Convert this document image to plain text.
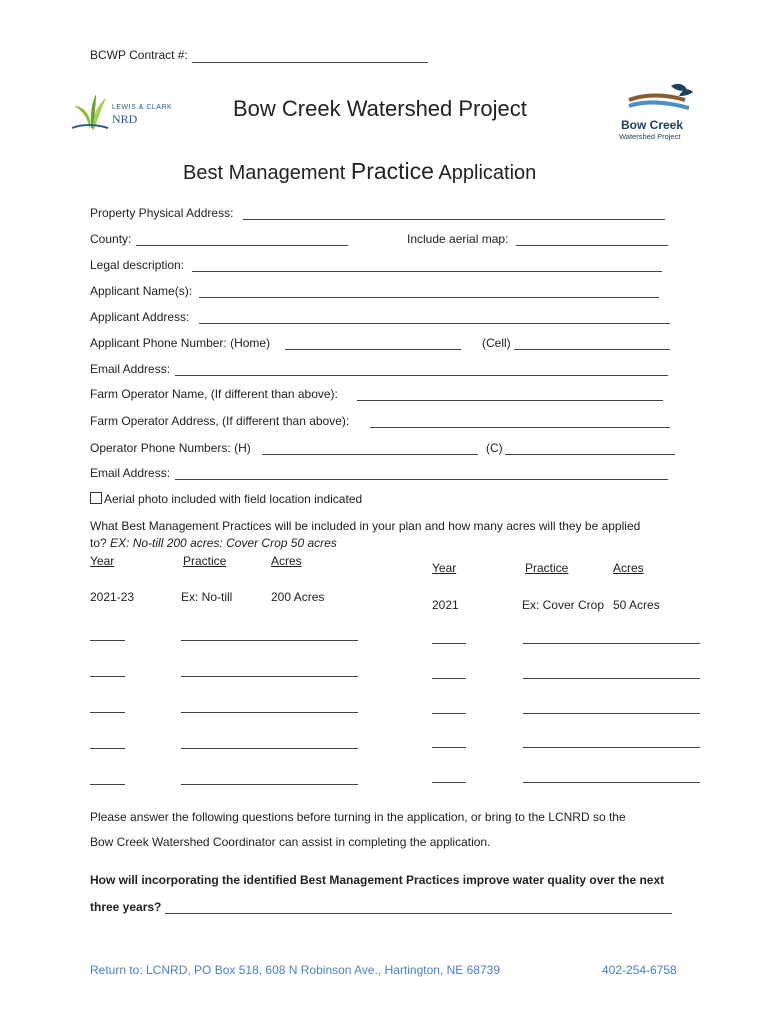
BCWP Contract #:
LEWIS & CLARK
NRD	Bow Creek Watershed Project
Bow Creek
Watershed Project
Best Management Practice Application
Property Physical Address:
County:	Include aerial map:
Legal description:
Applicant Name(s):
Applicant Address:
Applicant Phone Number: (Home)	(Cell)
Email Address:
Farm Operator Name, (If different than above):
Farm Operator Address, (If different than above):
Operator Phone Numbers: (H)	(C)
Email Address:
Aerial photo included with field location indicated
What Best Management Practices will be included in your plan and how many acres will they be applied
to? EX: No-till 200 acres: Cover Crop 50 acres
Year	Practice	Acres	Year	Practice	Acres
2021-23	Ex: No-till	200 Acres
2021	Ex: Cover Crop 50 Acres
Please answer the following questions before turning in the application, or bring to the LCNRD so the
Bow Creek Watershed Coordinator can assist in completing the application.
How will incorporating the identified Best Management Practices improve water quality over the next
three years?
Return to: LCNRD, PO Box 518, 608 N Robinson Ave., Hartington, NE 68739	402-254-6758
